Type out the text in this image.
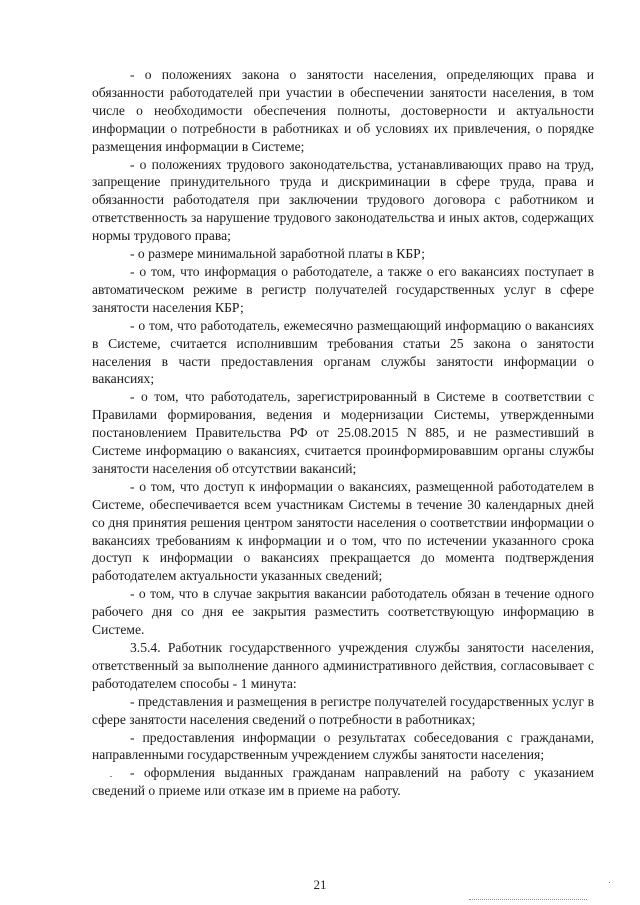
- о положениях закона о занятости населения, определяющих права и обязанности работодателей при участии в обеспечении занятости населения, в том числе о необходимости обеспечения полноты, достоверности и актуальности информации о потребности в работниках и об условиях их привлечения, о порядке размещения информации в Системе;

- о положениях трудового законодательства, устанавливающих право на труд, запрещение принудительного труда и дискриминации в сфере труда, права и обязанности работодателя при заключении трудового договора с работником и ответственность за нарушение трудового законодательства и иных актов, содержащих нормы трудового права;

- о размере минимальной заработной платы в КБР;

- о том, что информация о работодателе, а также о его вакансиях поступает в автоматическом режиме в регистр получателей государственных услуг в сфере занятости населения КБР;

- о том, что работодатель, ежемесячно размещающий информацию о вакансиях в Системе, считается исполнившим требования статьи 25 закона о занятости населения в части предоставления органам службы занятости информации о вакансиях;

- о том, что работодатель, зарегистрированный в Системе в соответствии с Правилами формирования, ведения и модернизации Системы, утвержденными постановлением Правительства РФ от 25.08.2015 N 885, и не разместивший в Системе информацию о вакансиях, считается проинформировавшим органы службы занятости населения об отсутствии вакансий;

- о том, что доступ к информации о вакансиях, размещенной работодателем в Системе, обеспечивается всем участникам Системы в течение 30 календарных дней со дня принятия решения центром занятости населения о соответствии информации о вакансиях требованиям к информации и о том, что по истечении указанного срока доступ к информации о вакансиях прекращается до момента подтверждения работодателем актуальности указанных сведений;

- о том, что в случае закрытия вакансии работодатель обязан в течение одного рабочего дня со дня ее закрытия разместить соответствующую информацию в Системе.

3.5.4. Работник государственного учреждения службы занятости населения, ответственный за выполнение данного административного действия, согласовывает с работодателем способы - 1 минута:

- представления и размещения в регистре получателей государственных услуг в сфере занятости населения сведений о потребности в работниках;

- предоставления информации о результатах собеседования с гражданами, направленными государственным учреждением службы занятости населения;

- оформления выданных гражданам направлений на работу с указанием сведений о приеме или отказе им в приеме на работу.

21
